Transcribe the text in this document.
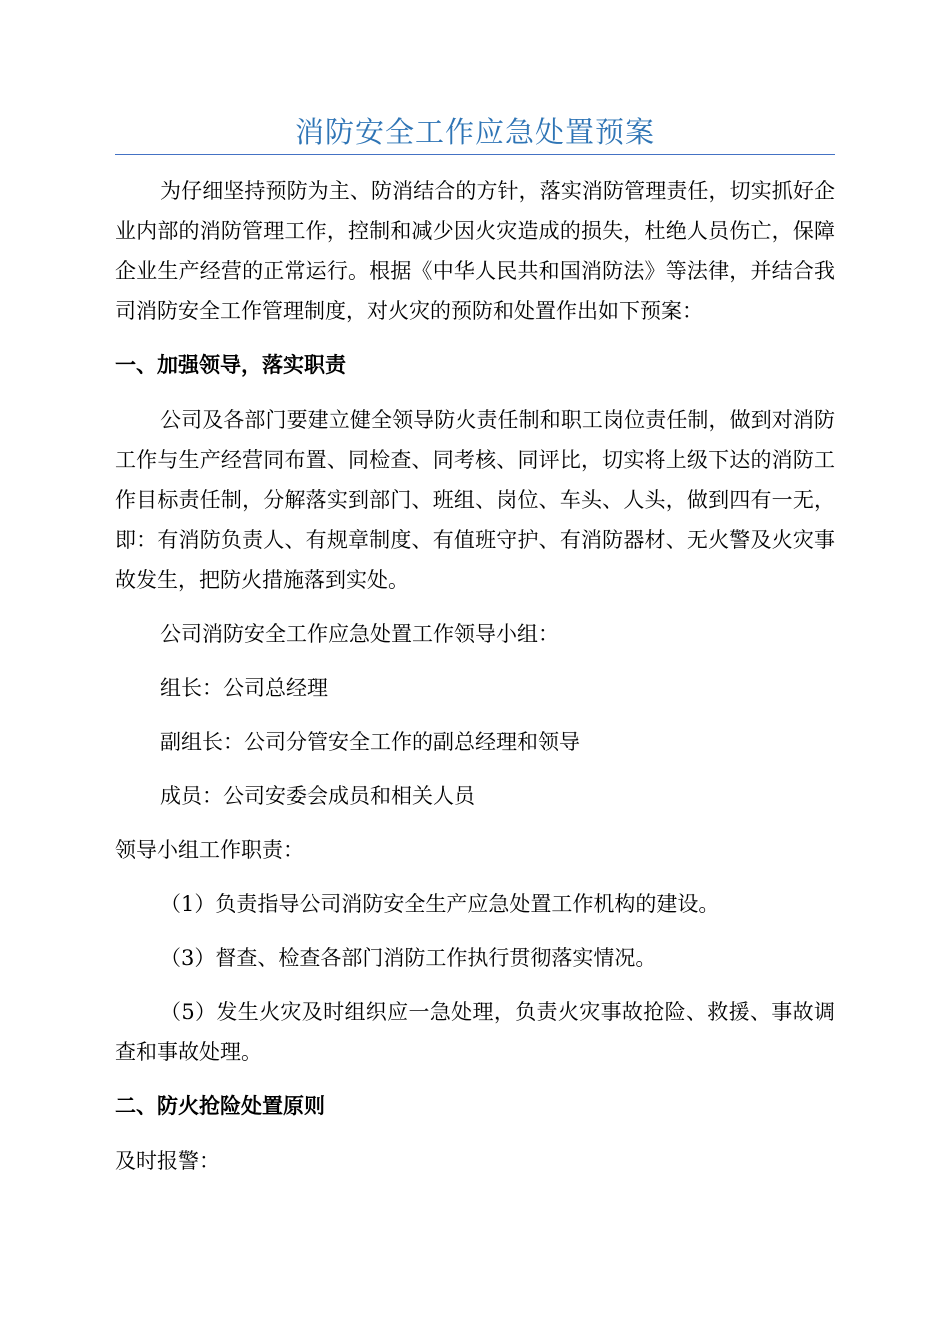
消防安全工作应急处置预案

为仔细坚持预防为主、防消结合的方针，落实消防管理责任，切实抓好企业内部的消防管理工作，控制和减少因火灾造成的损失，杜绝人员伤亡，保障企业生产经营的正常运行。根据《中华人民共和国消防法》等法律，并结合我司消防安全工作管理制度，对火灾的预防和处置作出如下预案：

一、加强领导，落实职责

公司及各部门要建立健全领导防火责任制和职工岗位责任制，做到对消防工作与生产经营同布置、同检查、同考核、同评比，切实将上级下达的消防工作目标责任制，分解落实到部门、班组、岗位、车头、人头，做到四有一无，即：有消防负责人、有规章制度、有值班守护、有消防器材、无火警及火灾事故发生，把防火措施落到实处。

公司消防安全工作应急处置工作领导小组：

组长：公司总经理

副组长：公司分管安全工作的副总经理和领导

成员：公司安委会成员和相关人员

领导小组工作职责：

（1）负责指导公司消防安全生产应急处置工作机构的建设。

（3）督查、检查各部门消防工作执行贯彻落实情况。

（5）发生火灾及时组织应一急处理，负责火灾事故抢险、救援、事故调查和事故处理。

二、防火抢险处置原则

及时报警：
